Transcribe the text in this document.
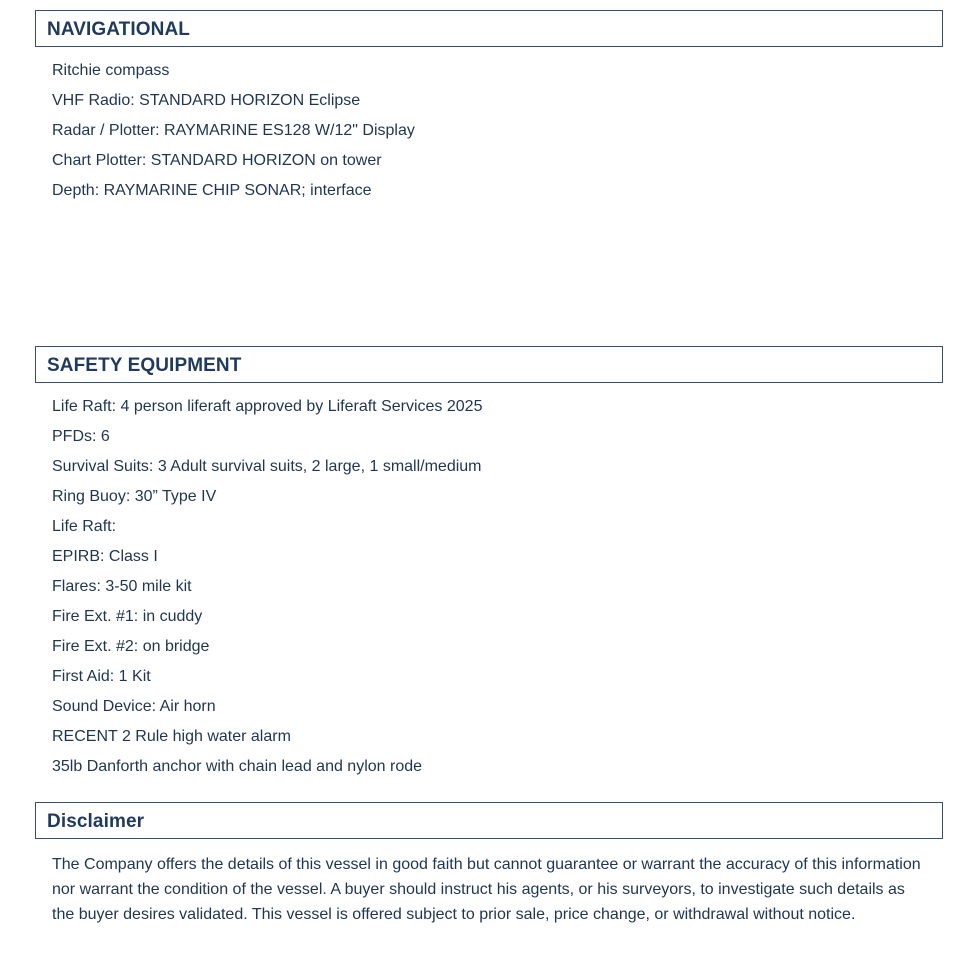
NAVIGATIONAL
Ritchie compass
VHF Radio: STANDARD HORIZON Eclipse
Radar / Plotter: RAYMARINE ES128 W/12" Display
Chart Plotter: STANDARD HORIZON on tower
Depth: RAYMARINE CHIP SONAR; interface
SAFETY EQUIPMENT
Life Raft: 4 person liferaft approved by Liferaft Services 2025
PFDs: 6
Survival Suits: 3 Adult survival suits, 2 large, 1 small/medium
Ring Buoy: 30” Type IV
Life Raft:
EPIRB: Class I
Flares: 3-50 mile kit
Fire Ext. #1: in cuddy
Fire Ext. #2: on bridge
First Aid: 1 Kit
Sound Device: Air horn
RECENT 2 Rule high water alarm
35lb Danforth anchor with chain lead and nylon rode
Disclaimer

The Company offers the details of this vessel in good faith but cannot guarantee or warrant the accuracy of this information nor warrant the condition of the vessel. A buyer should instruct his agents, or his surveyors, to investigate such details as the buyer desires validated. This vessel is offered subject to prior sale, price change, or withdrawal without notice.
